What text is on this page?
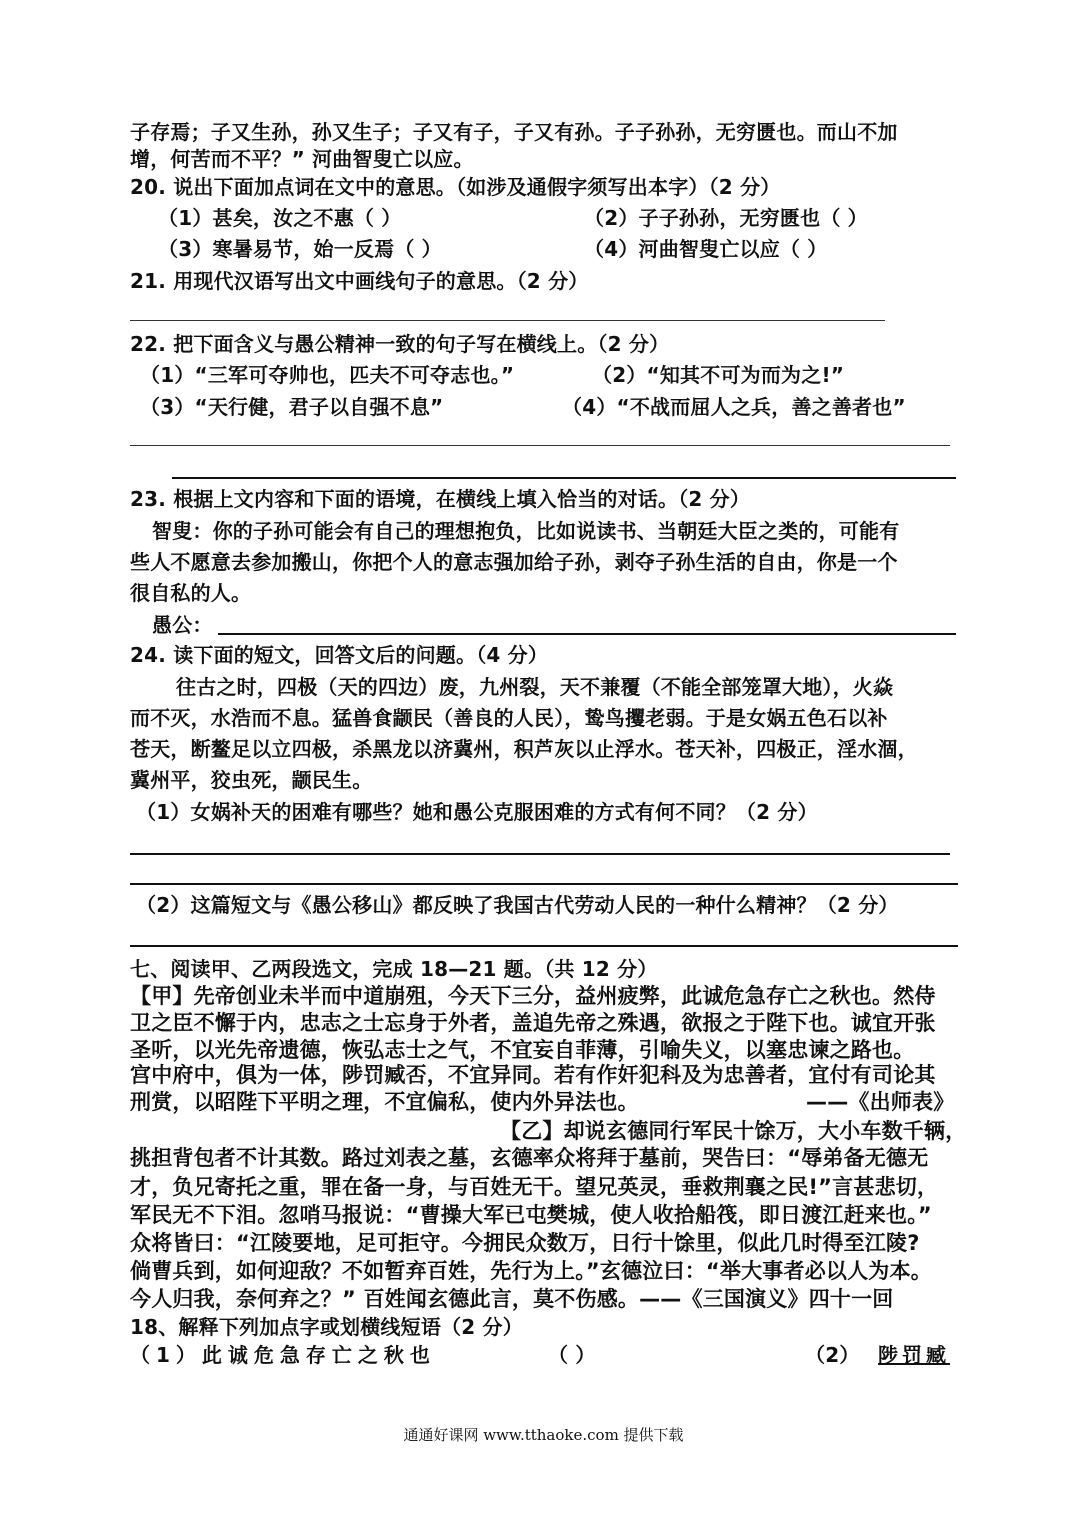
子存焉；子又生孙，孙又生子；子又有子，子又有孙。子子孙孙，无穷匮也。而山不加
增，何苦而不平？” 河曲智叟亡以应。
20. 说出下面加点词在文中的意思。（如涉及通假字须写出本字）（2 分）
（1）甚矣，汝之不惠（ ）	（2）子子孙孙，无穷匮也（ ）
（3）寒暑易节，始一反焉（ ）	（4）河曲智叟亡以应（ ）
21. 用现代汉语写出文中画线句子的意思。（2 分）
22. 把下面含义与愚公精神一致的句子写在横线上。（2 分）
（1）“三军可夺帅也，匹夫不可夺志也。”	（2）“知其不可为而为之!”
（3）“天行健，君子以自强不息”	（4）“不战而屈人之兵，善之善者也”
23. 根据上文内容和下面的语境，在横线上填入恰当的对话。（2 分）
智叟：你的子孙可能会有自己的理想抱负，比如说读书、当朝廷大臣之类的，可能有
些人不愿意去参加搬山，你把个人的意志强加给子孙，剥夺子孙生活的自由，你是一个
很自私的人。
愚公：
24. 读下面的短文，回答文后的问题。（4 分）
往古之时，四极（天的四边）废，九州裂，天不兼覆（不能全部笼罩大地），火焱
而不灭，水浩而不息。猛兽食颛民（善良的人民），鸷鸟攫老弱。于是女娲五色石以补
苍天，断鳌足以立四极，杀黑龙以济冀州，积芦灰以止浮水。苍天补，四极正，淫水涸，
冀州平，狡虫死，颛民生。
（1）女娲补天的困难有哪些？她和愚公克服困难的方式有何不同？（2 分）
（2）这篇短文与《愚公移山》都反映了我国古代劳动人民的一种什么精神？（2 分）
七、阅读甲、乙两段选文，完成 18—21 题。（共 12 分）
【甲】先帝创业未半而中道崩殂，今天下三分，益州疲弊，此诚危急存亡之秋也。然侍
卫之臣不懈于内，忠志之士忘身于外者，盖追先帝之殊遇，欲报之于陛下也。诚宜开张
圣听，以光先帝遗德，恢弘志士之气，不宜妄自菲薄，引喻失义，以塞忠谏之路也。
宫中府中，俱为一体，陟罚臧否，不宜异同。若有作奸犯科及为忠善者，宜付有司论其
刑赏，以昭陛下平明之理，不宜偏私，使内外异法也。	——《出师表》
【乙】却说玄德同行军民十馀万，大小车数千辆，
挑担背包者不计其数。路过刘表之墓，玄德率众将拜于墓前，哭告曰：“辱弟备无德无
才，负兄寄托之重，罪在备一身，与百姓无干。望兄英灵，垂救荆襄之民!”言甚悲切，
军民无不下泪。忽哨马报说：“曹操大军已屯樊城，使人收拾船筏，即日渡江赶来也。”
众将皆曰：“江陵要地，足可拒守。今拥民众数万，日行十馀里，似此几时得至江陵?
倘曹兵到，如何迎敌？不如暂弃百姓，先行为上。”玄德泣曰：“举大事者必以人为本。
今人归我，奈何弃之？” 百姓闻玄德此言，莫不伤感。——《三国演义》四十一回
18、解释下列加点字或划横线短语（2 分）
（1）此诚危急存亡之秋也	（ ）	（2） 陟罚臧
通通好课网 www.tthaoke.com 提供下载
